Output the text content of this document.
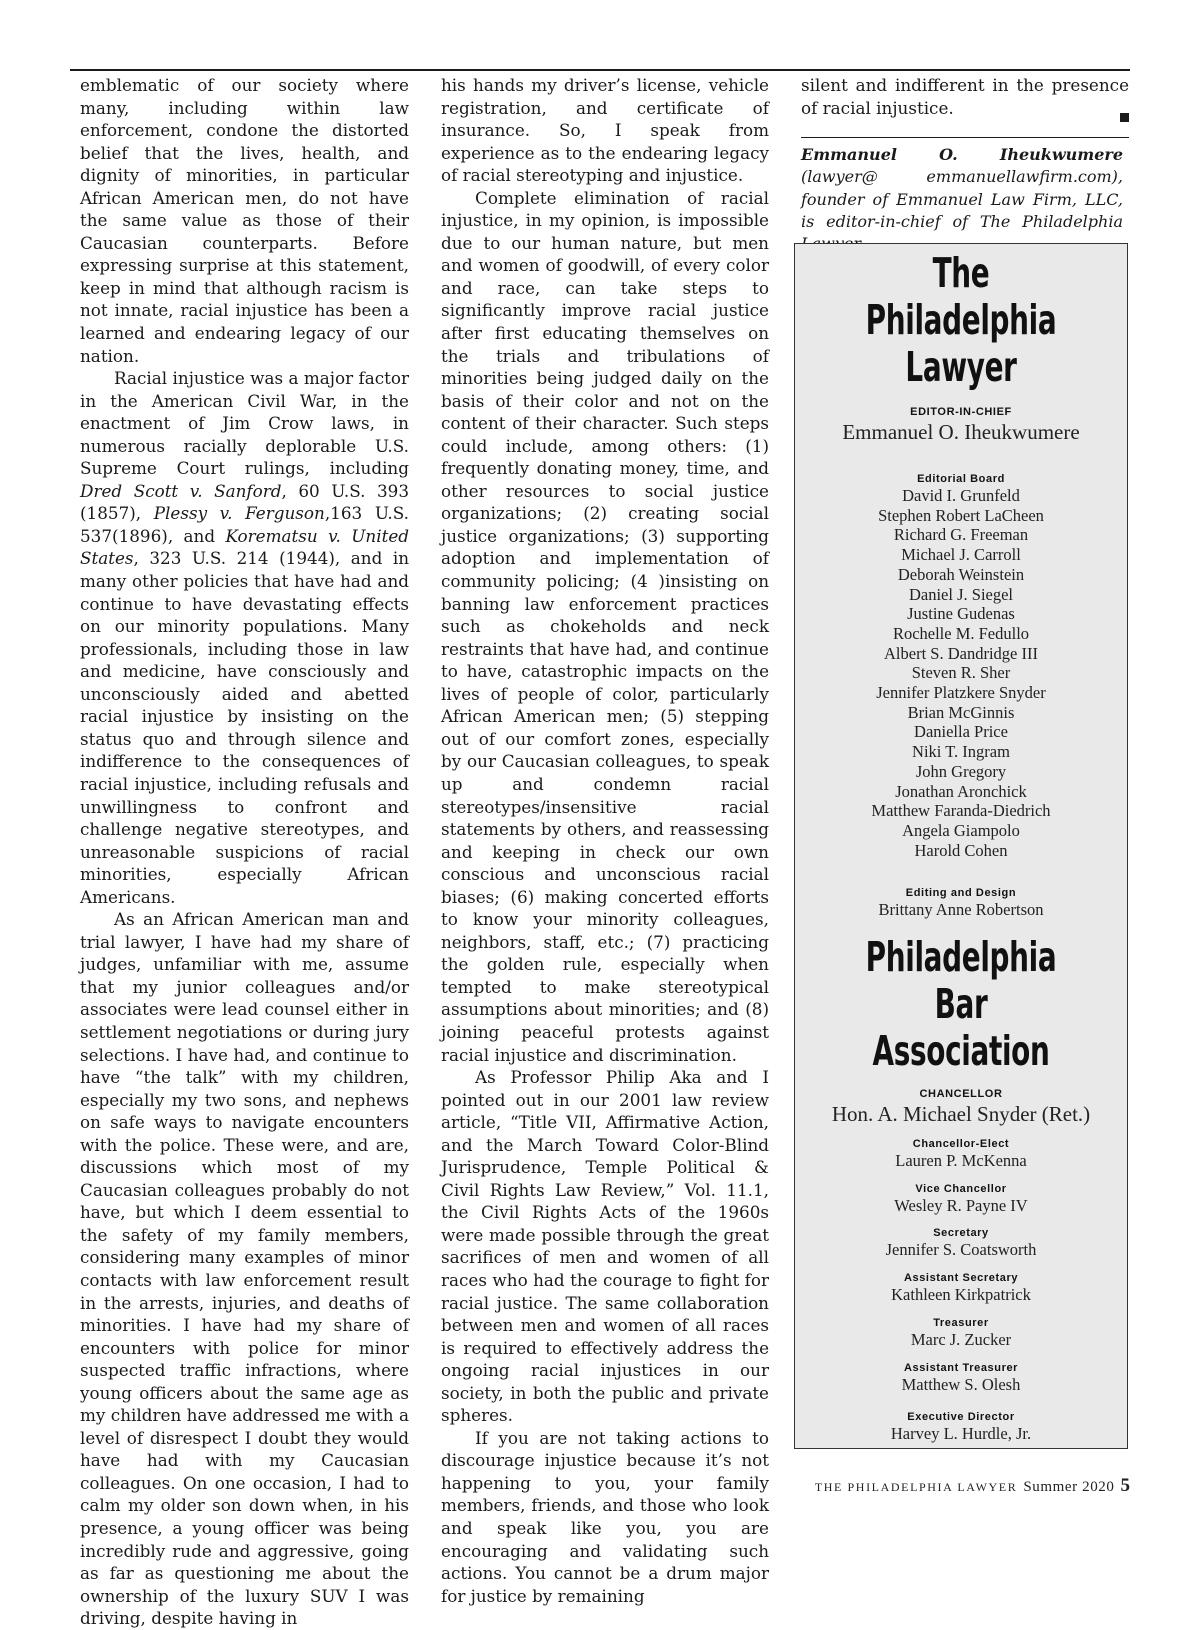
emblematic of our society where many, including within law enforcement, condone the distorted belief that the lives, health, and dignity of minorities, in particular African American men, do not have the same value as those of their Caucasian counterparts. Before expressing surprise at this statement, keep in mind that although racism is not innate, racial injustice has been a learned and endearing legacy of our nation.

Racial injustice was a major factor in the American Civil War, in the enactment of Jim Crow laws, in numerous racially deplorable U.S. Supreme Court rulings, including Dred Scott v. Sanford, 60 U.S. 393 (1857), Plessy v. Ferguson,163 U.S. 537(1896), and Korematsu v. United States, 323 U.S. 214 (1944), and in many other policies that have had and continue to have devastating effects on our minority populations. Many professionals, including those in law and medicine, have consciously and unconsciously aided and abetted racial injustice by insisting on the status quo and through silence and indifference to the consequences of racial injustice, including refusals and unwillingness to confront and challenge negative stereotypes, and unreasonable suspicions of racial minorities, especially African Americans.

As an African American man and trial lawyer, I have had my share of judges, unfamiliar with me, assume that my junior colleagues and/or associates were lead counsel either in settlement negotiations or during jury selections. I have had, and continue to have “the talk” with my children, especially my two sons, and nephews on safe ways to navigate encounters with the police. These were, and are, discussions which most of my Caucasian colleagues probably do not have, but which I deem essential to the safety of my family members, considering many examples of minor contacts with law enforcement result in the arrests, injuries, and deaths of minorities. I have had my share of encounters with police for minor suspected traffic infractions, where young officers about the same age as my children have addressed me with a level of disrespect I doubt they would have had with my Caucasian colleagues. On one occasion, I had to calm my older son down when, in his presence, a young officer was being incredibly rude and aggressive, going as far as questioning me about the ownership of the luxury SUV I was driving, despite having in

his hands my driver’s license, vehicle registration, and certificate of insurance. So, I speak from experience as to the endearing legacy of racial stereotyping and injustice.

Complete elimination of racial injustice, in my opinion, is impossible due to our human nature, but men and women of goodwill, of every color and race, can take steps to significantly improve racial justice after first educating themselves on the trials and tribulations of minorities being judged daily on the basis of their color and not on the content of their character. Such steps could include, among others: (1) frequently donating money, time, and other resources to social justice organizations; (2) creating social justice organizations; (3) supporting adoption and implementation of community policing; (4 )insisting on banning law enforcement practices such as chokeholds and neck restraints that have had, and continue to have, catastrophic impacts on the lives of people of color, particularly African American men; (5) stepping out of our comfort zones, especially by our Caucasian colleagues, to speak up and condemn racial stereotypes/insensitive racial statements by others, and reassessing and keeping in check our own conscious and unconscious racial biases; (6) making concerted efforts to know your minority colleagues, neighbors, staff, etc.; (7) practicing the golden rule, especially when tempted to make stereotypical assumptions about minorities; and (8) joining peaceful protests against racial injustice and discrimination.

As Professor Philip Aka and I pointed out in our 2001 law review article, “Title VII, Affirmative Action, and the March Toward Color-Blind Jurisprudence, Temple Political & Civil Rights Law Review,” Vol. 11.1, the Civil Rights Acts of the 1960s were made possible through the great sacrifices of men and women of all races who had the courage to fight for racial justice. The same collaboration between men and women of all races is required to effectively address the ongoing racial injustices in our society, in both the public and private spheres.

If you are not taking actions to discourage injustice because it’s not happening to you, your family members, friends, and those who look and speak like you, you are encouraging and validating such actions. You cannot be a drum major for justice by remaining

silent and indifferent in the presence of racial injustice.

Emmanuel O. Iheukwumere (lawyer@ emmanuellawfirm.com), founder of Emmanuel Law Firm, LLC, is editor-in-chief of The Philadelphia
The
Philadelphia
Lawyer
EDITOR-IN-CHIEF
Emmanuel O. Iheukwumere
Editorial Board
David I. Grunfeld
Stephen Robert LaCheen
Richard G. Freeman
Michael J. Carroll
Deborah Weinstein
Daniel J. Siegel
Justine Gudenas
Rochelle M. Fedullo
Albert S. Dandridge III
Steven R. Sher
Jennifer Platzkere Snyder
Brian McGinnis
Daniella Price
Niki T. Ingram
John Gregory
Jonathan Aronchick
Matthew Faranda-Diedrich
Angela Giampolo
Harold Cohen
Editing and Design
Brittany Anne Robertson
Philadelphia
Bar Association
CHANCELLOR
Hon. A. Michael Snyder (Ret.)
Chancellor-Elect
Lauren P. McKenna
Vice Chancellor
Wesley R. Payne IV
Secretary
Jennifer S. Coatsworth
Assistant Secretary
Kathleen Kirkpatrick
Treasurer
Marc J. Zucker
Assistant Treasurer
Matthew S. Olesh
Executive Director
Harvey L. Hurdle, Jr.
THE PHILADELPHIA LAWYER Summer 2020 5
